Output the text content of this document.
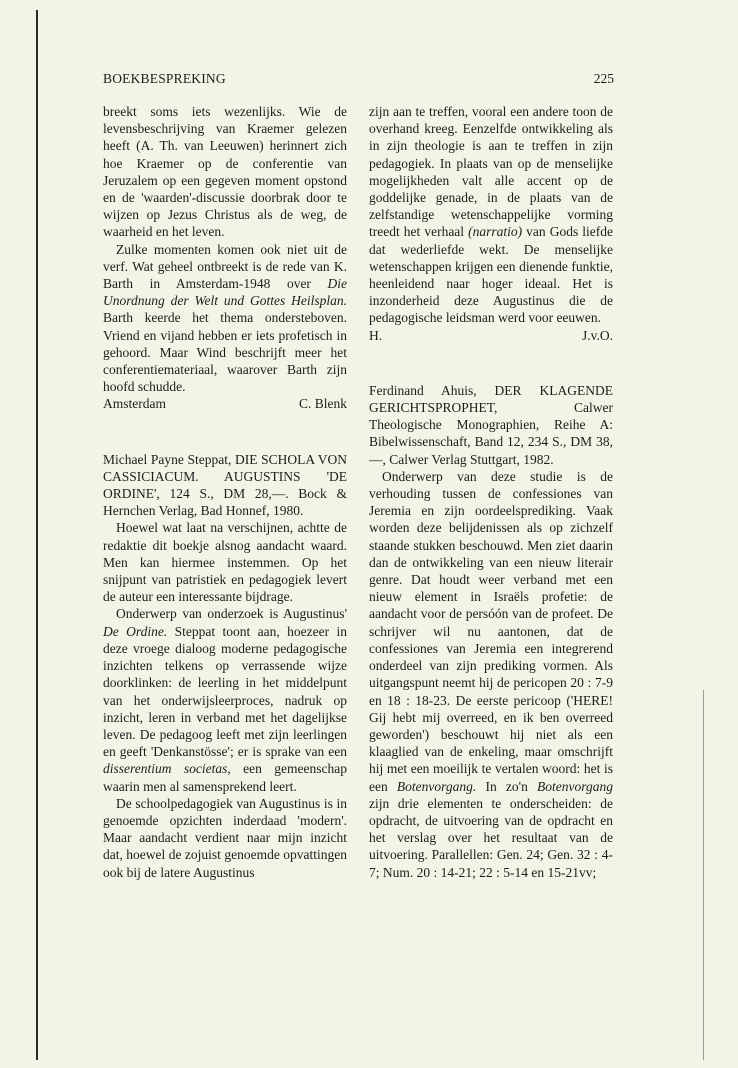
BOEKBESPREKING	225

breekt soms iets wezenlijks. Wie de levensbeschrijving van Kraemer gelezen heeft (A. Th. van Leeuwen) herinnert zich hoe Kraemer op de conferentie van Jeruzalem op een gegeven moment opstond en de 'waarden'-discussie doorbrak door te wijzen op Jezus Christus als de weg, de waarheid en het leven.

Zulke momenten komen ook niet uit de verf. Wat geheel ontbreekt is de rede van K. Barth in Amsterdam-1948 over Die Unordnung der Welt und Gottes Heilsplan. Barth keerde het thema ondersteboven. Vriend en vijand hebben er iets profetisch in gehoord. Maar Wind beschrijft meer het conferentiemateriaal, waarover Barth zijn hoofd schudde.

Amsterdam	C. Blenk

Michael Payne Steppat, DIE SCHOLA VON CASSICIACUM. AUGUSTINS 'DE ORDINE', 124 S., DM 28,—. Bock & Hernchen Verlag, Bad Honnef, 1980.

Hoewel wat laat na verschijnen, achtte de redaktie dit boekje alsnog aandacht waard. Men kan hiermee instemmen. Op het snijpunt van patristiek en pedagogiek levert de auteur een interessante bijdrage.

Onderwerp van onderzoek is Augustinus' De Ordine. Steppat toont aan, hoezeer in deze vroege dialoog moderne pedagogische inzichten telkens op verrassende wijze doorklinken: de leerling in het middelpunt van het onderwijsleerproces, nadruk op inzicht, leren in verband met het dagelijkse leven. De pedagoog leeft met zijn leerlingen en geeft 'Denkanstösse'; er is sprake van een disserentium societas, een gemeenschap waarin men al samensprekend leert.

De schoolpedagogiek van Augustinus is in genoemde opzichten inderdaad 'modern'. Maar aandacht verdient naar mijn inzicht dat, hoewel de zojuist genoemde opvattingen ook bij de latere Augustinus

zijn aan te treffen, vooral een andere toon de overhand kreeg. Eenzelfde ontwikkeling als in zijn theologie is aan te treffen in zijn pedagogiek. In plaats van op de menselijke mogelijkheden valt alle accent op de goddelijke genade, in de plaats van de zelfstandige wetenschappelijke vorming treedt het verhaal (narratio) van Gods liefde dat wederliefde wekt. De menselijke wetenschappen krijgen een dienende funktie, heenleidend naar hoger ideaal. Het is inzonderheid deze Augustinus die de pedagogische leidsman werd voor eeuwen.

H.	J.v.O.

Ferdinand Ahuis, DER KLAGENDE GERICHTSPROPHET, Calwer Theologische Monographien, Reihe A: Bibelwissenschaft, Band 12, 234 S., DM 38,—, Calwer Verlag Stuttgart, 1982.

Onderwerp van deze studie is de verhouding tussen de confessiones van Jeremia en zijn oordeelsprediking. Vaak worden deze belijdenissen als op zichzelf staande stukken beschouwd. Men ziet daarin dan de ontwikkeling van een nieuw literair genre. Dat houdt weer verband met een nieuw element in Israëls profetie: de aandacht voor de persóón van de profeet. De schrijver wil nu aantonen, dat de confessiones van Jeremia een integrerend onderdeel van zijn prediking vormen. Als uitgangspunt neemt hij de pericopen 20 : 7-9 en 18 : 18-23. De eerste pericoop ('HERE! Gij hebt mij overreed, en ik ben overreed geworden') beschouwt hij niet als een klaaglied van de enkeling, maar omschrijft hij met een moeilijk te vertalen woord: het is een Botenvorgang. In zo'n Botenvorgang zijn drie elementen te onderscheiden: de opdracht, de uitvoering van de opdracht en het verslag over het resultaat van de uitvoering. Parallellen: Gen. 24; Gen. 32 : 4-7; Num. 20 : 14-21; 22 : 5-14 en 15-21vv;
